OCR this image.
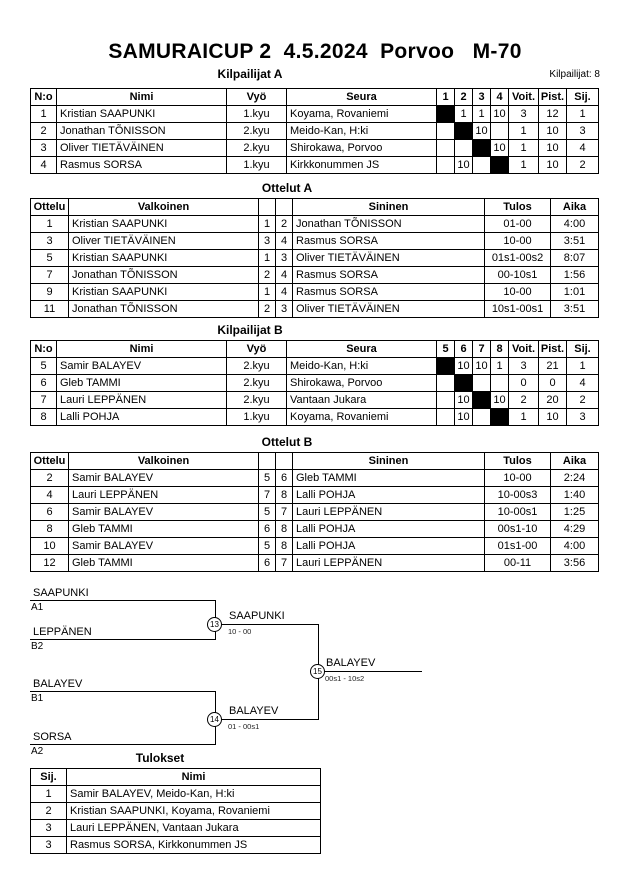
SAMURAICUP 2  4.5.2024  Porvoo   M-70
Kilpailijat A	Kilpailijat: 8
N:o	Nimi	Vyö	Seura	1	2	3	4	Voit.	Pist.	Sij.
1	Kristian SAAPUNKI	1.kyu	Koyama, Rovaniemi		1	1	10	3	12	1
2	Jonathan TÕNISSON	2.kyu	Meido-Kan, H:ki			10		1	10	3
3	Oliver TIETÄVÄINEN	2.kyu	Shirokawa, Porvoo				10	1	10	4
4	Rasmus SORSA	1.kyu	Kirkkonummen JS		10			1	10	2
Ottelut A
Ottelu	Valkoinen			Sininen	Tulos	Aika
1	Kristian SAAPUNKI	1	2	Jonathan TÕNISSON	01-00	4:00
3	Oliver TIETÄVÄINEN	3	4	Rasmus SORSA	10-00	3:51
5	Kristian SAAPUNKI	1	3	Oliver TIETÄVÄINEN	01s1-00s2	8:07
7	Jonathan TÕNISSON	2	4	Rasmus SORSA	00-10s1	1:56
9	Kristian SAAPUNKI	1	4	Rasmus SORSA	10-00	1:01
11	Jonathan TÕNISSON	2	3	Oliver TIETÄVÄINEN	10s1-00s1	3:51
Kilpailijat B
N:o	Nimi	Vyö	Seura	5	6	7	8	Voit.	Pist.	Sij.
5	Samir BALAYEV	2.kyu	Meido-Kan, H:ki		10	10	1	3	21	1
6	Gleb TAMMI	2.kyu	Shirokawa, Porvoo					0	0	4
7	Lauri LEPPÄNEN	2.kyu	Vantaan Jukara		10		10	2	20	2
8	Lalli POHJA	1.kyu	Koyama, Rovaniemi		10			1	10	3
Ottelut B
Ottelu	Valkoinen			Sininen	Tulos	Aika
2	Samir BALAYEV	5	6	Gleb TAMMI	10-00	2:24
4	Lauri LEPPÄNEN	7	8	Lalli POHJA	10-00s3	1:40
6	Samir BALAYEV	5	7	Lauri LEPPÄNEN	10-00s1	1:25
8	Gleb TAMMI	6	8	Lalli POHJA	00s1-10	4:29
10	Samir BALAYEV	5	8	Lalli POHJA	01s1-00	4:00
12	Gleb TAMMI	6	7	Lauri LEPPÄNEN	00-11	3:56
SAAPUNKI
A1
LEPPÄNEN
B2
13
SAAPUNKI
10 - 00
BALAYEV
B1
SORSA
A2
14
BALAYEV
01 - 00s1
15
BALAYEV
00s1 - 10s2
Tulokset
Sij.	Nimi
1	Samir BALAYEV, Meido-Kan, H:ki
2	Kristian SAAPUNKI, Koyama, Rovaniemi
3	Lauri LEPPÄNEN, Vantaan Jukara
3	Rasmus SORSA, Kirkkonummen JS
